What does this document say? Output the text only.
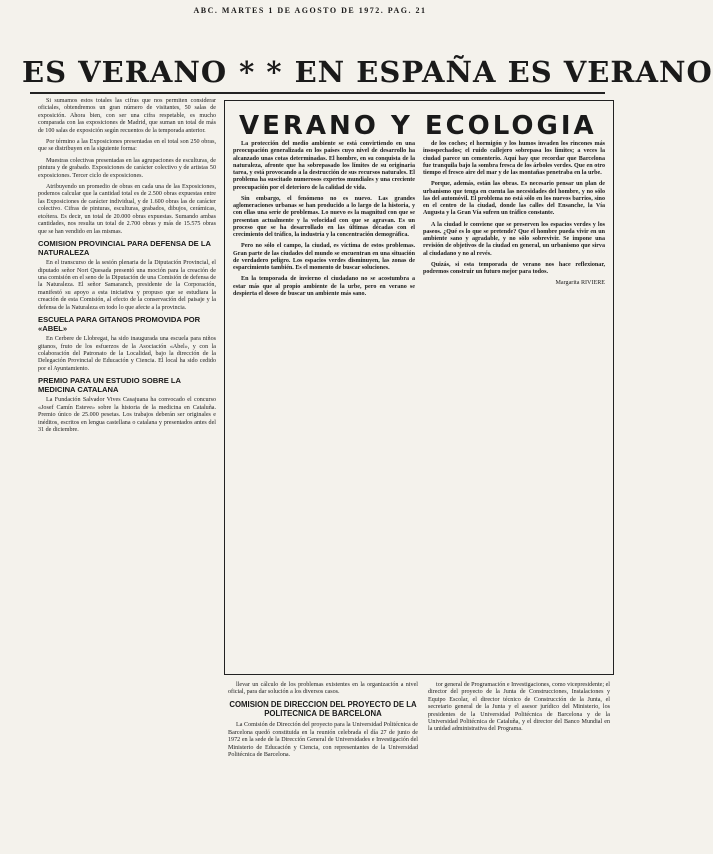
ABC. MARTES 1 DE AGOSTO DE 1972. PAG. 21
ES VERANO * * EN ESPAÑA ES VERANO

Si sumamos estos totales las cifras que nos permiten considerar oficiales, obtendremos un gran número de visitantes, 50 salas de exposición. Ahora bien, con ser una cifra respetable, es mucho comparada con las exposiciones de Madrid, que suman un total de más de 100 salas de exposición según recuentos de la temporada anterior.

Por término a las Exposiciones presentadas en el total son 250 obras, que se distribuyen en la siguiente forma:

Muestras colectivas presentadas en las agrupaciones de esculturas, de pintura y de grabado. Exposiciones de carácter colectivo y de artistas 50 exposiciones. Tercer ciclo de exposiciones.

Atribuyendo un promedio de obras en cada una de las Exposiciones, podemos calcular que la cantidad total es de 2.500 obras expuestas entre las Exposiciones de carácter individual, y de 1.600 obras las de carácter colectivo. Cifras de pinturas, esculturas, grabados, dibujos, cerámicas, etcétera. Es decir, un total de 20.000 obras expuestas. Sumando ambas cantidades, nos resulta un total de 2.700 obras y más de 15.575 obras que se han vendido en las mismas.

COMISION PROVINCIAL PARA DEFENSA DE LA NATURALEZA

En el transcurso de la sesión plenaria de la Diputación Provincial, el diputado señor Nort Quesada presentó una moción para la creación de una comisión en el seno de la Diputación de una Comisión de defensa de la Naturaleza. El señor Samaranch, presidente de la Corporación, manifestó su apoyo a esta iniciativa y propuso que se estudiara la creación de esta Comisión, al efecto de la conservación del paisaje y la defensa de la Naturaleza en todo lo que afecte a la provincia.

ESCUELA PARA GITANOS PROMOVIDA POR «ABEL»

En Cerbere de Llobregat, ha sido inaugurada una escuela para niños gitanos, fruto de los esfuerzos de la Asociación «Abel», y con la colaboración del Patronato de la Localidad, bajo la dirección de la Delegación Provincial de Educación y Ciencia. El local ha sido cedido por el Ayuntamiento.

PREMIO PARA UN ESTUDIO SOBRE LA MEDICINA CATALANA

La Fundación Salvador Vives Casajuana ha convocado el concurso «Josef Camín Esteve» sobre la historia de la medicina en Cataluña. Premio único de 25.000 pesetas. Los trabajos deberán ser originales e inéditos, escritos en lengua castellana o catalana y presentados antes del 31 de diciembre.

VERANO Y ECOLOGIA

La protección del medio ambiente se está convirtiendo en una preocupación generalizada en los países cuyo nivel de desarrollo ha alcanzado unas cotas determinadas. El hombre, en su conquista de la naturaleza, afronte que ha sobrepasado los límites de su originaria tarea, y está provocando a la destrucción de sus recursos naturales. El problema ha suscitado numerosos expertos mundiales y una creciente preocupación por el deterioro de la calidad de vida.

Sin embargo, el fenómeno no es nuevo. Las grandes aglomeraciones urbanas se han producido a lo largo de la historia, y con ellas una serie de problemas. Lo nuevo es la magnitud con que se presentan actualmente y la velocidad con que se agravan. Es un proceso que se ha desarrollado en las últimas décadas con el crecimiento del tráfico, la industria y la concentración demográfica.

Pero no sólo el campo, la ciudad, es víctima de estos problemas. Gran parte de las ciudades del mundo se encuentran en una situación de verdadero peligro. Los espacios verdes disminuyen, las zonas de esparcimiento también. Es el momento de buscar soluciones.

En la temporada de invierno el ciudadano no se acostumbra a estar más que al propio ambiente de la urbe, pero en verano se despierta el deseo de buscar un ambiente más sano.

de los coches; el hormigón y los humos invaden los rincones más insospechados; el ruido callejero sobrepasa los límites; a veces la ciudad parece un cementerio. Aquí hay que recordar que Barcelona fue tranquila bajo la sombra fresca de los árboles verdes. Que en otro tiempo el fresco aire del mar y de las montañas penetraba en la urbe.

Porque, además, están las obras. Es necesario pensar un plan de urbanismo que tenga en cuenta las necesidades del hombre, y no sólo las del automóvil. El problema no está sólo en los nuevos barrios, sino en el centro de la ciudad, donde las calles del Ensanche, la Vía Augusta y la Gran Vía sufren un tráfico constante.

A la ciudad le conviene que se preserven los espacios verdes y los paseos. ¿Qué es lo que se pretende? Que el hombre pueda vivir en un ambiente sano y agradable, y no sólo sobrevivir. Se impone una revisión de objetivos de la ciudad en general, un urbanismo que sirva al ciudadano y no al revés.

Quizás, si esta temporada de verano nos hace reflexionar, podremos construir un futuro mejor para todos.

Margarita RIVIERE

llevar un cálculo de los problemas existentes en la organización a nivel oficial, para dar solución a los diversos casos.

COMISION DE DIRECCION DEL PROYECTO DE LA POLITECNICA DE BARCELONA

La Comisión de Dirección del proyecto para la Universidad Politécnica de Barcelona quedó constituida en la reunión celebrada el día 27 de junio de 1972 en la sede de la Dirección General de Universidades e Investigación del Ministerio de Educación y Ciencia, con representantes de la Universidad Politécnica de Barcelona.

tor general de Programación e Investigaciones, como vicepresidente; el director del proyecto de la Junta de Construcciones, Instalaciones y Equipo Escolar, el director técnico de Construcción de la Junta, el secretario general de la Junta y el asesor jurídico del Ministerio, los presidentes de la Universidad Politécnica de Barcelona y de la Universidad Politécnica de Cataluña, y el director del Banco Mundial en la unidad administrativa del Programa.
